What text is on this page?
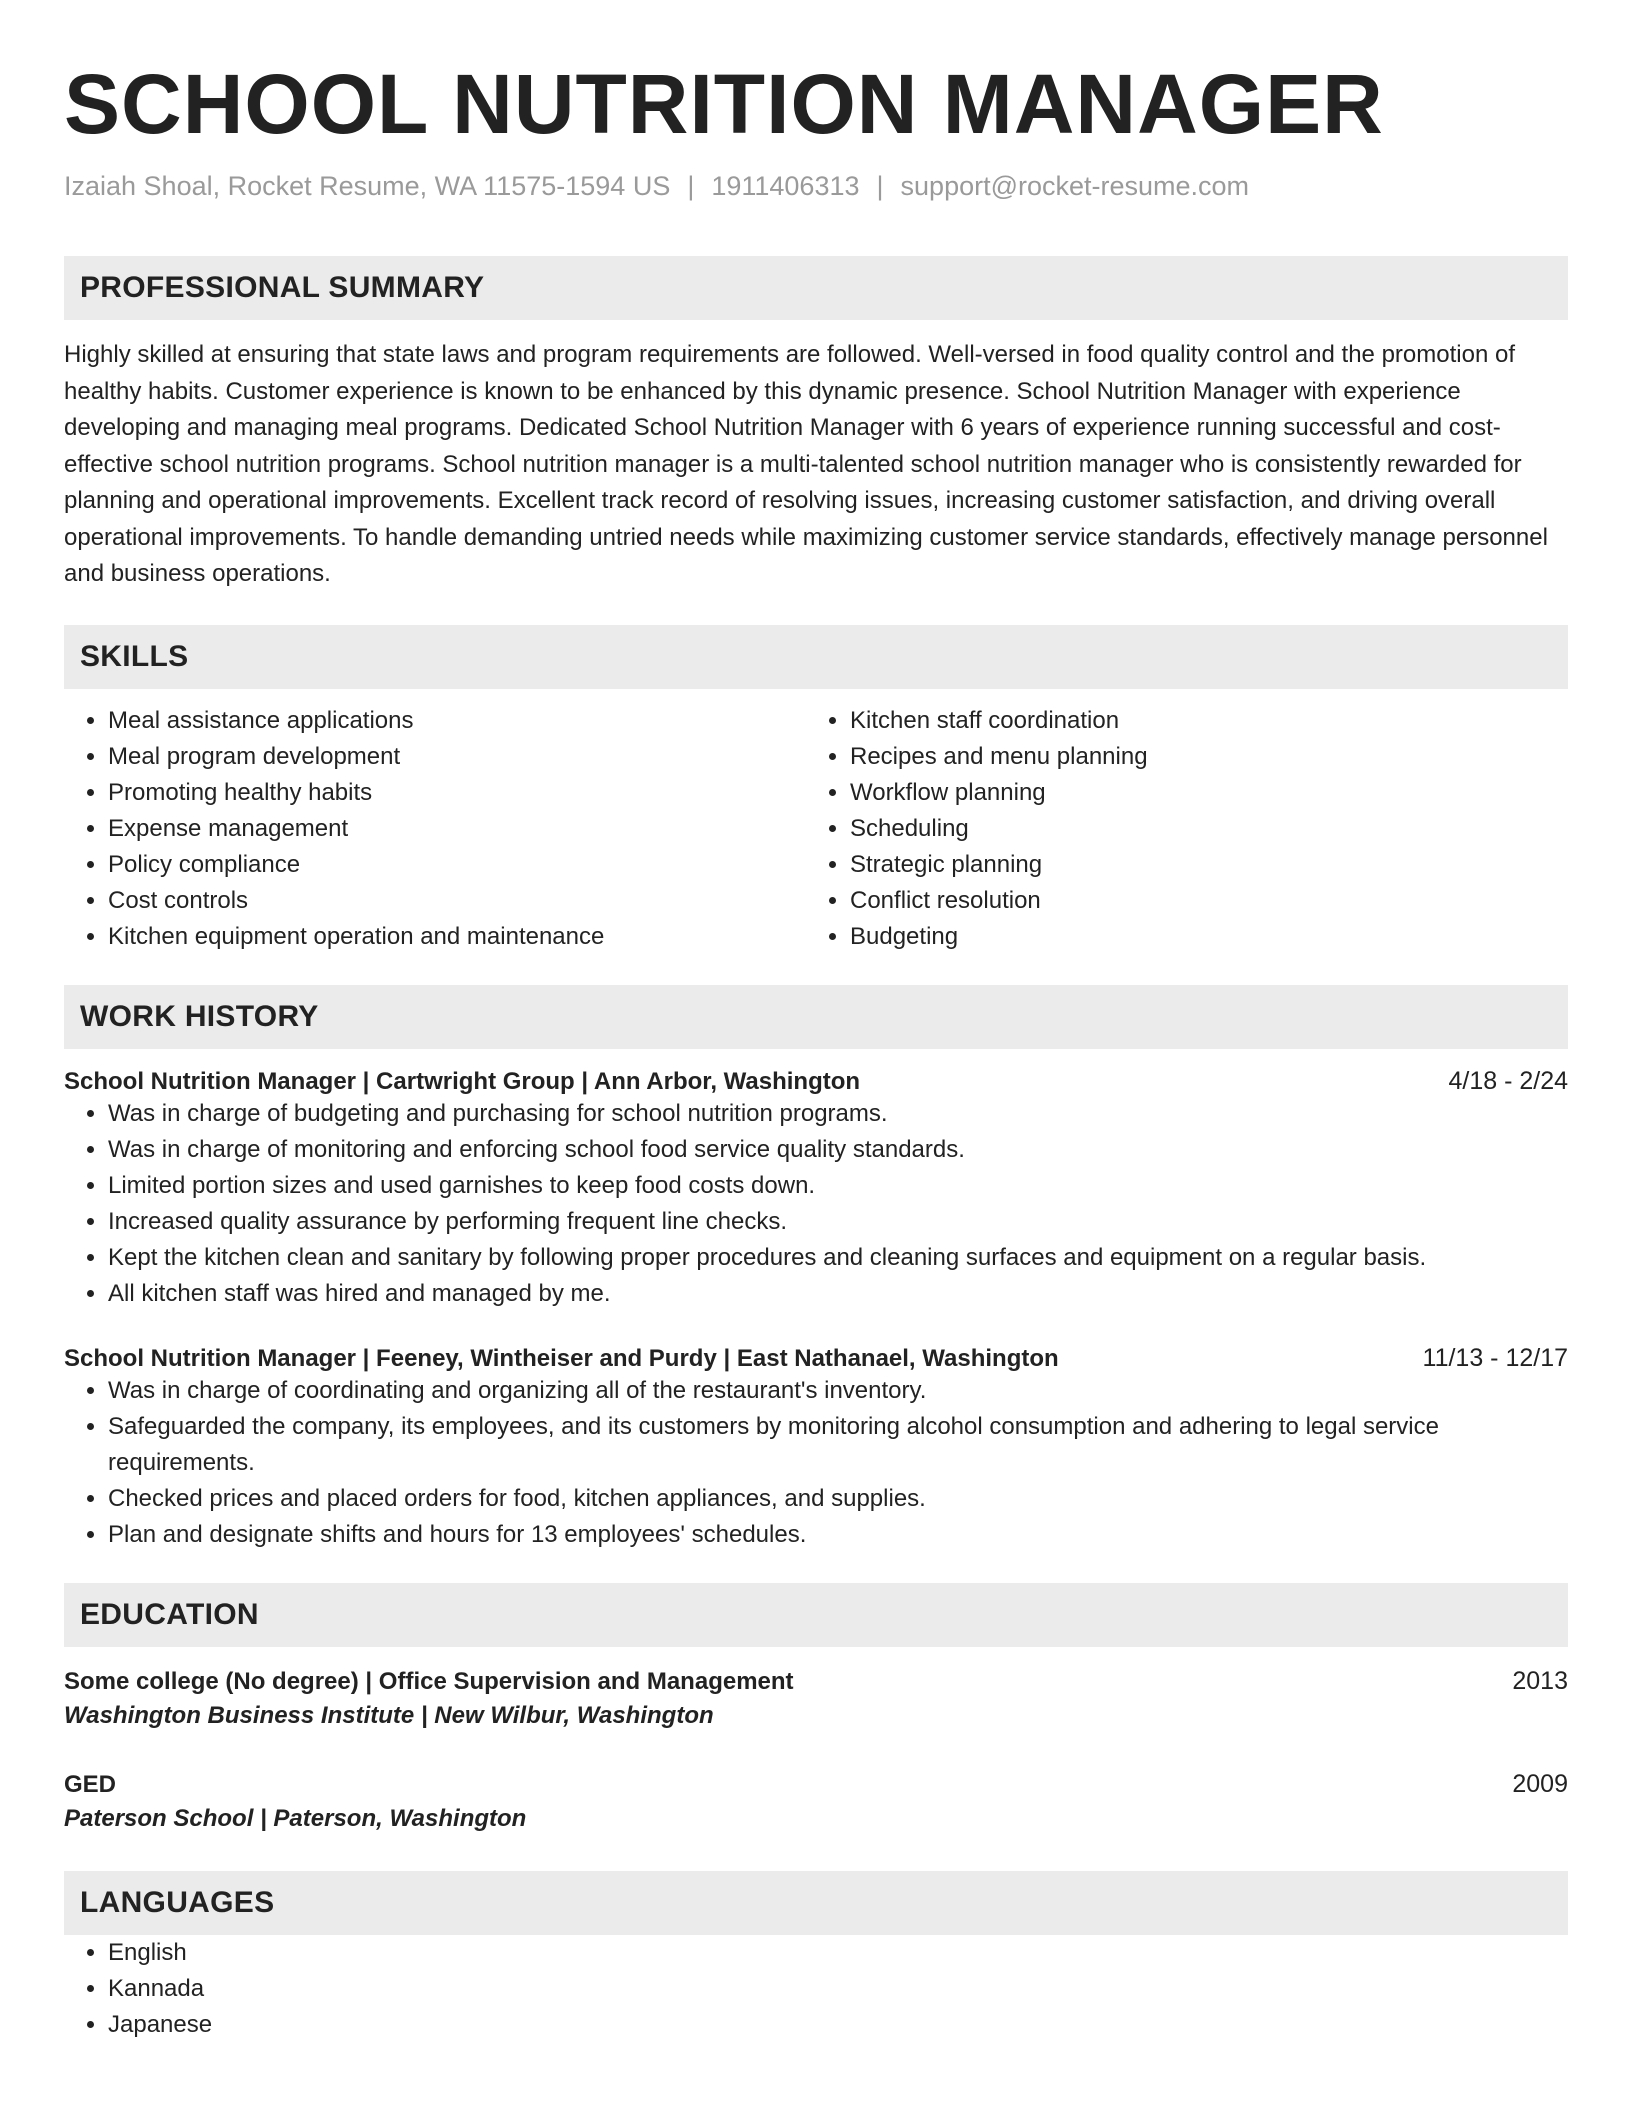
SCHOOL NUTRITION MANAGER
Izaiah Shoal, Rocket Resume, WA 11575-1594 US | 1911406313 | support@rocket-resume.com
PROFESSIONAL SUMMARY

Highly skilled at ensuring that state laws and program requirements are followed. Well-versed in food quality control and the promotion of healthy habits. Customer experience is known to be enhanced by this dynamic presence. School Nutrition Manager with experience developing and managing meal programs. Dedicated School Nutrition Manager with 6 years of experience running successful and cost-effective school nutrition programs. School nutrition manager is a multi-talented school nutrition manager who is consistently rewarded for planning and operational improvements. Excellent track record of resolving issues, increasing customer satisfaction, and driving overall operational improvements. To handle demanding untried needs while maximizing customer service standards, effectively manage personnel and business operations.

SKILLS
• Meal assistance applications
• Meal program development
• Promoting healthy habits
• Expense management
• Policy compliance
• Cost controls
• Kitchen equipment operation and maintenance
• Kitchen staff coordination
• Recipes and menu planning
• Workflow planning
• Scheduling
• Strategic planning
• Conflict resolution
• Budgeting
WORK HISTORY
School Nutrition Manager | Cartwright Group | Ann Arbor, Washington	4/18 - 2/24
• Was in charge of budgeting and purchasing for school nutrition programs.
• Was in charge of monitoring and enforcing school food service quality standards.
• Limited portion sizes and used garnishes to keep food costs down.
• Increased quality assurance by performing frequent line checks.
• Kept the kitchen clean and sanitary by following proper procedures and cleaning surfaces and equipment on a regular basis.
• All kitchen staff was hired and managed by me.
School Nutrition Manager | Feeney, Wintheiser and Purdy | East Nathanael, Washington	11/13 - 12/17
• Was in charge of coordinating and organizing all of the restaurant's inventory.
• Safeguarded the company, its employees, and its customers by monitoring alcohol consumption and adhering to legal service requirements.
• Checked prices and placed orders for food, kitchen appliances, and supplies.
• Plan and designate shifts and hours for 13 employees' schedules.
EDUCATION
Some college (No degree) | Office Supervision and Management	2013
Washington Business Institute | New Wilbur, Washington
GED	2009
Paterson School | Paterson, Washington
LANGUAGES
• English
• Kannada
• Japanese
